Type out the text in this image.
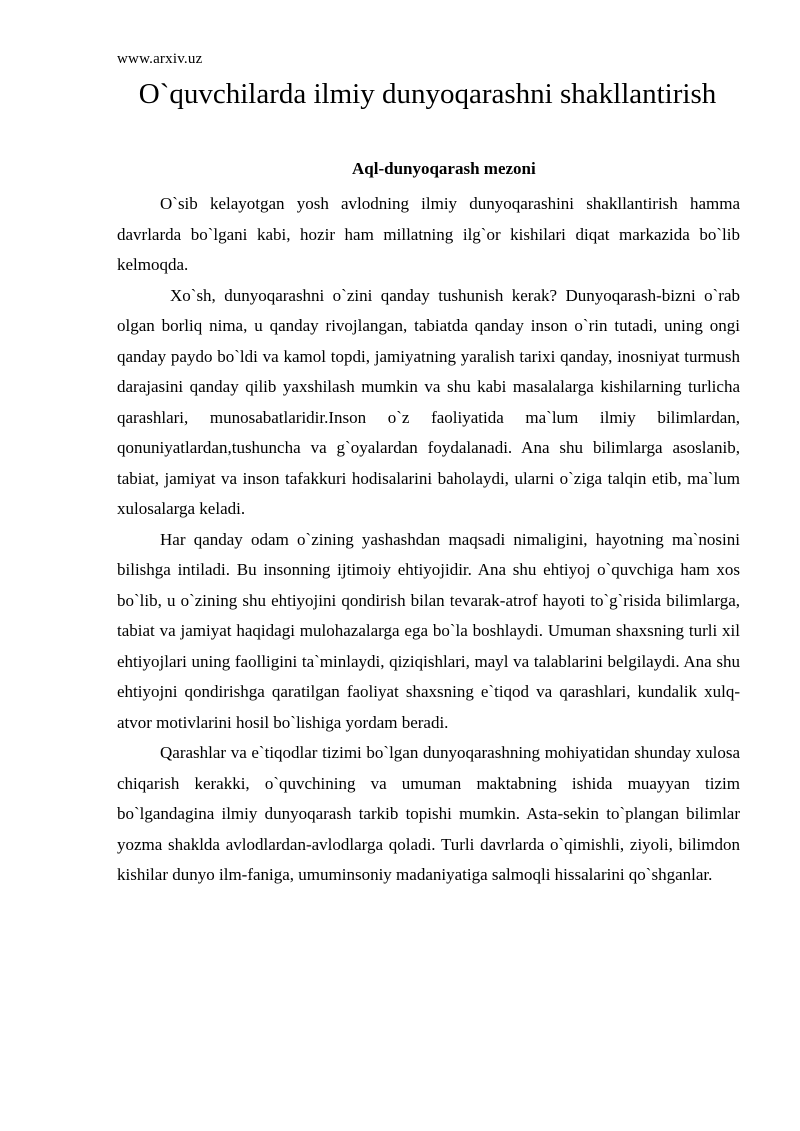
www.arxiv.uz
O`quvchilarda ilmiy dunyoqarashni shakllantirish
Aql-dunyoqarash mezoni

O`sib kelayotgan yosh avlodning ilmiy dunyoqarashini shakllantirish hamma davrlarda bo`lgani kabi, hozir ham millatning ilg`or kishilari diqat markazida bo`lib kelmoqda.

Xo`sh, dunyoqarashni o`zini qanday tushunish kerak? Dunyoqarash-bizni o`rab olgan borliq nima, u qanday rivojlangan, tabiatda qanday inson o`rin tutadi, uning ongi qanday paydo bo`ldi va kamol topdi, jamiyatning yaralish tarixi qanday, inosniyat turmush darajasini qanday qilib yaxshilash mumkin va shu kabi masalalarga kishilarning turlicha qarashlari, munosabatlaridir.Inson o`z faoliyatida ma`lum ilmiy bilimlardan, qonuniyatlardan,tushuncha va g`oyalardan foydalanadi. Ana shu bilimlarga asoslanib, tabiat, jamiyat va inson tafakkuri hodisalarini baholaydi, ularni o`ziga talqin etib, ma`lum xulosalarga keladi.

Har qanday odam o`zining yashashdan maqsadi nimaligini, hayotning ma`nosini bilishga intiladi. Bu insonning ijtimoiy ehtiyojidir. Ana shu ehtiyoj o`quvchiga ham xos bo`lib, u o`zining shu ehtiyojini qondirish bilan tevarak-atrof hayoti to`g`risida bilimlarga, tabiat va jamiyat haqidagi mulohazalarga ega bo`la boshlaydi. Umuman shaxsning turli xil ehtiyojlari uning faolligini ta`minlaydi, qiziqishlari, mayl va talablarini belgilaydi. Ana shu ehtiyojni qondirishga qaratilgan faoliyat shaxsning e`tiqod va qarashlari, kundalik xulq-atvor motivlarini hosil bo`lishiga yordam beradi.

Qarashlar va e`tiqodlar tizimi bo`lgan dunyoqarashning mohiyatidan shunday xulosa chiqarish kerakki, o`quvchining va umuman maktabning ishida muayyan tizim bo`lgandagina ilmiy dunyoqarash tarkib topishi mumkin. Asta-sekin to`plangan bilimlar yozma shaklda avlodlardan-avlodlarga qoladi. Turli davrlarda o`qimishli, ziyoli, bilimdon kishilar dunyo ilm-faniga, umuminsoniy madaniyatiga salmoqli hissalarini qo`shganlar.
